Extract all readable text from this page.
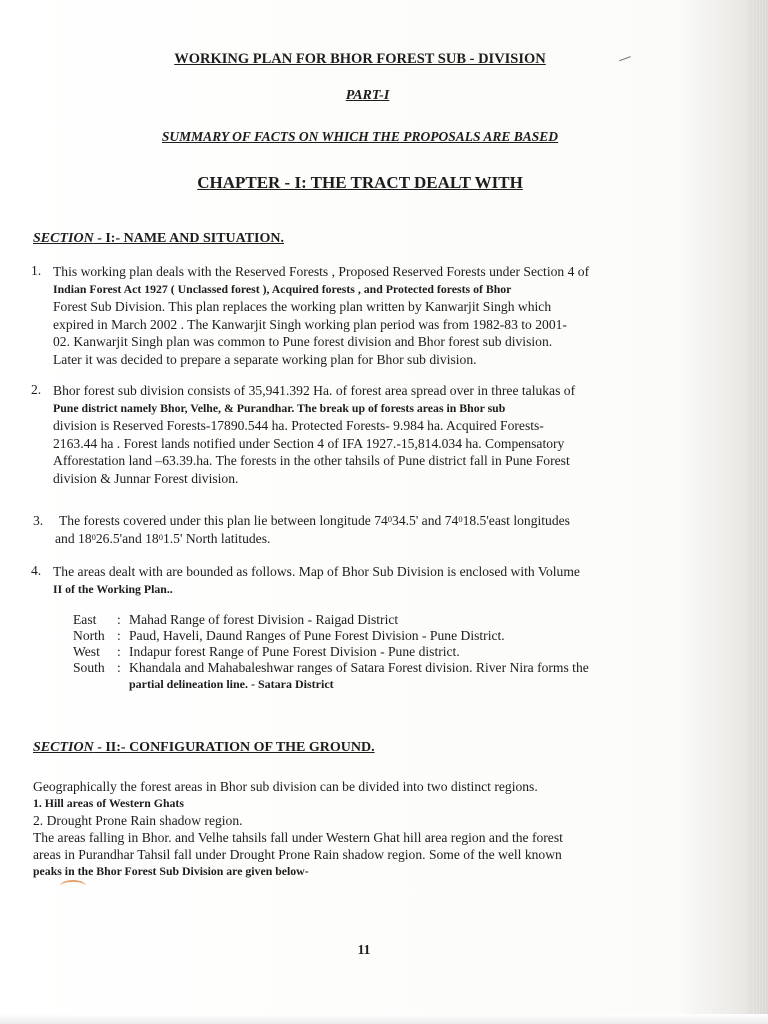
WORKING PLAN FOR BHOR FOREST SUB - DIVISION

PART-I

SUMMARY OF FACTS ON WHICH THE PROPOSALS ARE BASED

CHAPTER - I: THE TRACT DEALT WITH

SECTION - I:- NAME AND SITUATION.

1. This working plan deals with the Reserved Forests , Proposed Reserved Forests under Section 4 of
Indian Forest Act 1927 ( Unclassed forest ), Acquired forests , and Protected forests of Bhor
Forest Sub Division. This plan replaces the working plan written by Kanwarjit Singh which
expired in March 2002 . The Kanwarjit Singh working plan period was from 1982-83 to 2001-
02. Kanwarjit Singh plan was common to Pune forest division and Bhor forest sub division.
Later it was decided to prepare a separate working plan for Bhor sub division.
2. Bhor forest sub division consists of 35,941.392 Ha. of forest area spread over in three talukas of
Pune district namely Bhor, Velhe, & Purandhar. The break up of forests areas in Bhor sub
division is Reserved Forests-17890.544 ha. Protected Forests- 9.984 ha. Acquired Forests-
2163.44 ha . Forest lands notified under Section 4 of IFA 1927.-15,814.034 ha. Compensatory
Afforestation land –63.39.ha. The forests in the other tahsils of Pune district fall in Pune Forest
division & Junnar Forest division.
3. The forests covered under this plan lie between longitude $74^034.5'$ and $74^018.5'east$ longitudes
and $18^026.5'and$ $18^01.5'$ North latitudes.
4. The areas dealt with are bounded as follows. Map of Bhor Sub Division is enclosed with Volume
II of the Working Plan..
East	: Mahad Range of forest Division - Raigad District
North : Paud, Haveli, Daund Ranges of Pune Forest Division - Pune District.
West	: Indapur forest Range of Pune Forest Division - Pune district.
South : Khandala and Mahabaleshwar ranges of Satara Forest division. River Nira forms the
partial delineation line. - Satara District

SECTION - II:- CONFIGURATION OF THE GROUND.

Geographically the forest areas in Bhor sub division can be divided into two distinct regions.
1. Hill areas of Western Ghats
2. Drought Prone Rain shadow region.
The areas falling in Bhor. and Velhe tahsils fall under Western Ghat hill area region and the forest
areas in Purandhar Tahsil fall under Drought Prone Rain shadow region. Some of the well known
peaks in the Bhor Forest Sub Division are given below-

11
